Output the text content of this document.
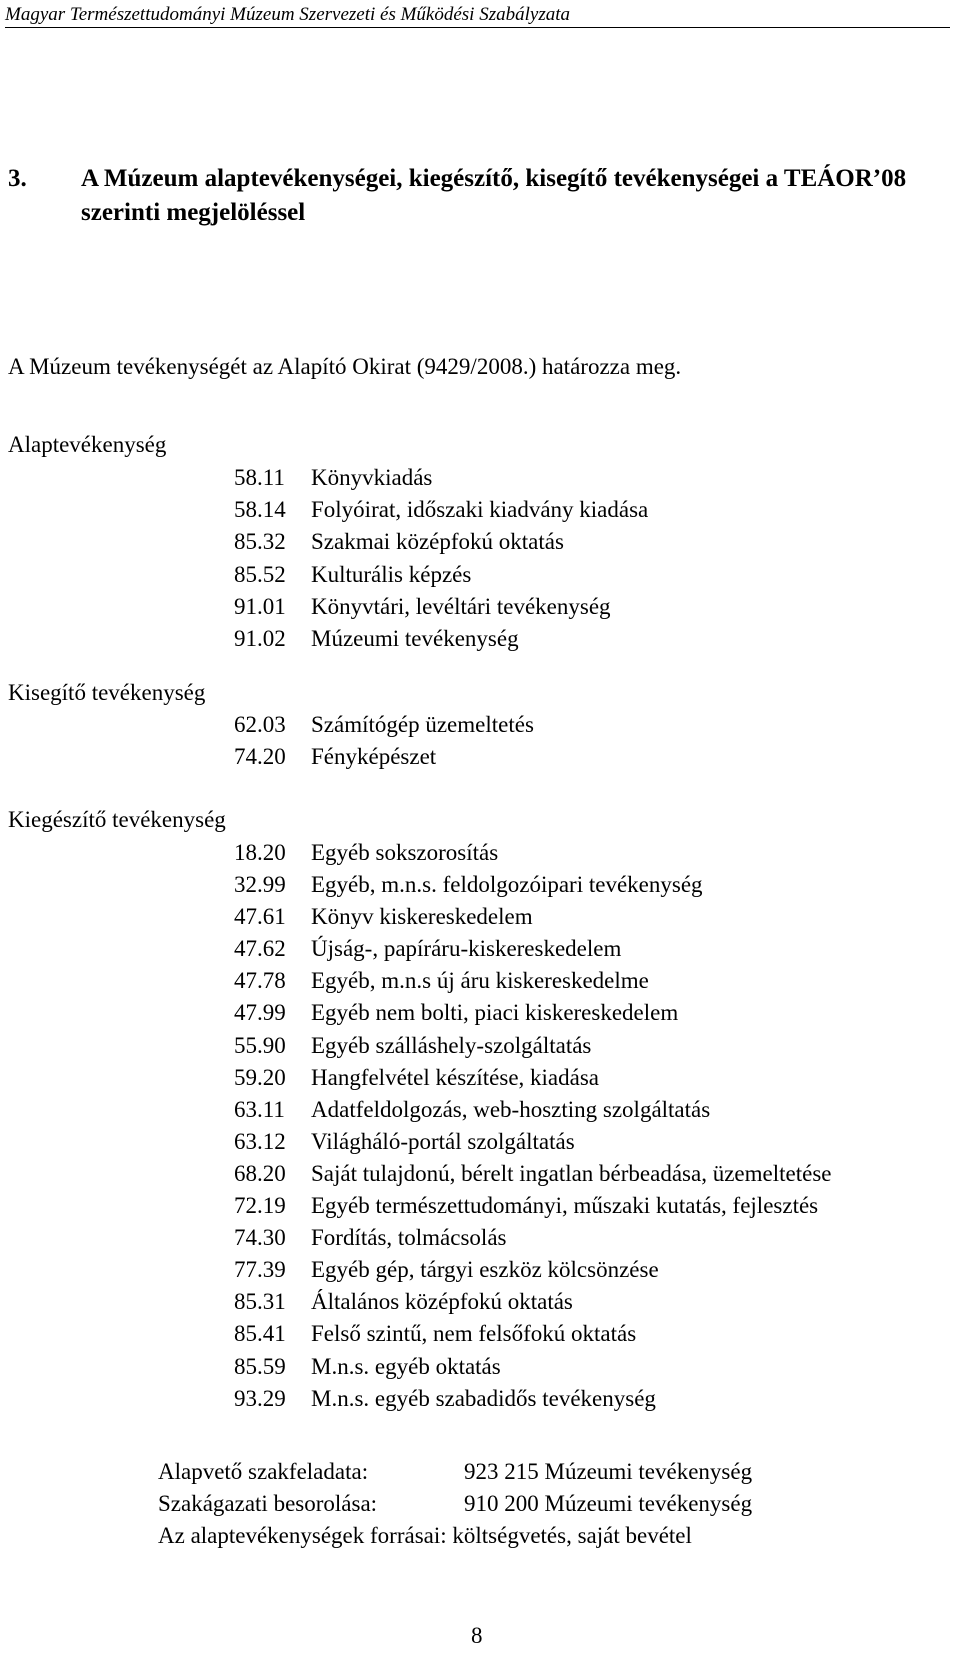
Magyar Természettudományi Múzeum Szervezeti és Működési Szabályzata
3. A Múzeum alaptevékenységei, kiegészítő, kisegítő tevékenységei a TEÁOR’08 szerinti megjelöléssel
A Múzeum tevékenységét az Alapító Okirat (9429/2008.) határozza meg.
Alaptevékenység
58.11 Könyvkiadás
58.14 Folyóirat, időszaki kiadvány kiadása
85.32 Szakmai középfokú oktatás
85.52 Kulturális képzés
91.01 Könyvtári, levéltári tevékenység
91.02 Múzeumi tevékenység
Kisegítő tevékenység
62.03 Számítógép üzemeltetés
74.20 Fényképészet
Kiegészítő tevékenység
18.20 Egyéb sokszorosítás
32.99 Egyéb, m.n.s. feldolgozóipari tevékenység
47.61 Könyv kiskereskedelem
47.62 Újság-, papíráru-kiskereskedelem
47.78 Egyéb, m.n.s új áru kiskereskedelme
47.99 Egyéb nem bolti, piaci kiskereskedelem
55.90 Egyéb szálláshely-szolgáltatás
59.20 Hangfelvétel készítése, kiadása
63.11 Adatfeldolgozás, web-hoszting szolgáltatás
63.12 Világháló-portál szolgáltatás
68.20 Saját tulajdonú, bérelt ingatlan bérbeadása, üzemeltetése
72.19 Egyéb természettudományi, műszaki kutatás, fejlesztés
74.30 Fordítás, tolmácsolás
77.39 Egyéb gép, tárgyi eszköz kölcsönzése
85.31 Általános középfokú oktatás
85.41 Felső szintű, nem felsőfokú oktatás
85.59 M.n.s. egyéb oktatás
93.29 M.n.s. egyéb szabadidős tevékenység
Alapvető szakfeladata:	923 215 Múzeumi tevékenység
Szakágazati besorolása:	910 200 Múzeumi tevékenység
Az alaptevékenységek forrásai: költségvetés, saját bevétel
8
